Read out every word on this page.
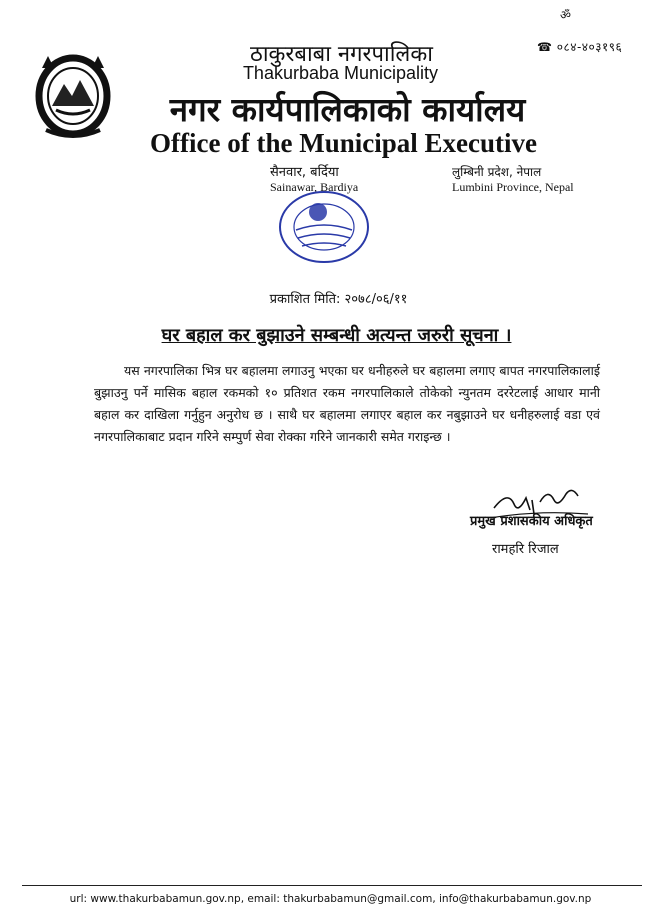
ॐ
☎ ०८४-४०३१९६
ठाकुरबाबा नगरपालिका
Thakurbaba Municipality
नगर कार्यपालिकाको कार्यालय
Office of the Municipal Executive
सैनवार, बर्दिया
Sainawar, Bardiya
लुम्बिनी प्रदेश, नेपाल
Lumbini Province, Nepal
प्रकाशित मिति: २०७८/०६/११
घर बहाल कर बुझाउने सम्बन्धी अत्यन्त जरुरी सूचना ।
यस नगरपालिका भित्र घर बहालमा लगाउनु भएका घर धनीहरुले घर बहालमा लगाए बापत नगरपालिकालाई बुझाउनु पर्ने मासिक बहाल रकमको १० प्रतिशत रकम नगरपालिकाले तोकेको न्युनतम दररेटलाई आधार मानी बहाल कर दाखिला गर्नुहुन अनुरोध छ । साथै घर बहालमा लगाएर बहाल कर नबुझाउने घर धनीहरुलाई वडा एवं नगरपालिकाबाट प्रदान गरिने सम्पुर्ण सेवा रोक्का गरिने जानकारी समेत गराइन्छ ।
प्रमुख प्रशासकीय अधिकृत
रामहरि रिजाल
url: www.thakurbabamun.gov.np, email: thakurbabamun@gmail.com, info@thakurbabamun.gov.np
